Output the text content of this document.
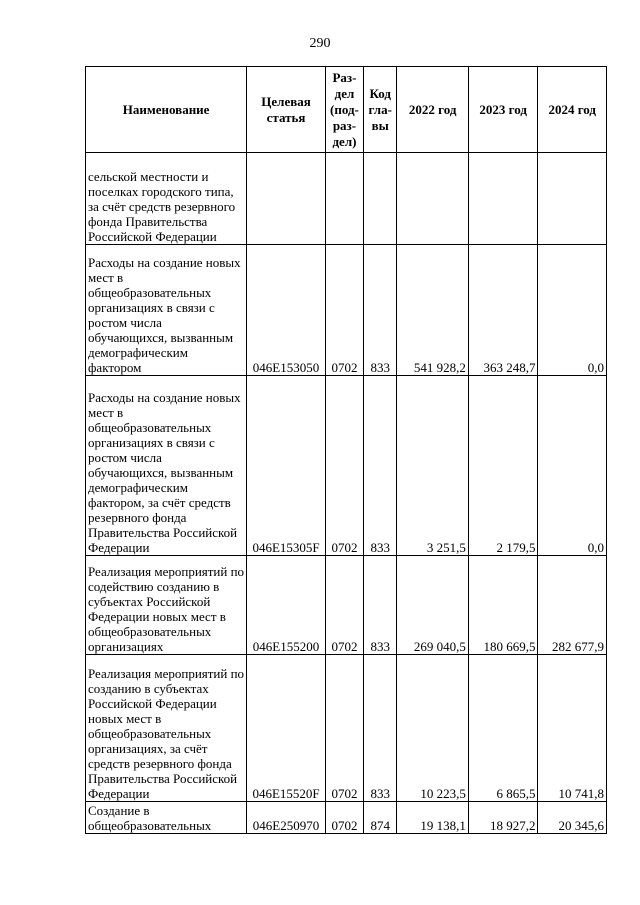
290
Наименование	Целевая статья	Раз-дел (под-раз-дел)	Код гла-вы	2022 год	2023 год	2024 год
сельской местности и поселках городского типа, за счёт средств резервного фонда Правительства Российской Федерации						
Расходы на создание новых мест в общеобразовательных организациях в связи с ростом числа обучающихся, вызванным демографическим фактором	046E153050	0702	833	541 928,2	363 248,7	0,0
Расходы на создание новых мест в общеобразовательных организациях в связи с ростом числа обучающихся, вызванным демографическим фактором, за счёт средств резервного фонда Правительства Российской Федерации	046E15305F	0702	833	3 251,5	2 179,5	0,0
Реализация мероприятий по содействию созданию в субъектах Российской Федерации новых мест в общеобразовательных организациях	046E155200	0702	833	269 040,5	180 669,5	282 677,9
Реализация мероприятий по созданию в субъектах Российской Федерации новых мест в общеобразовательных организациях, за счёт средств резервного фонда Правительства Российской Федерации	046E15520F	0702	833	10 223,5	6 865,5	10 741,8
Создание в общеобразовательных	046E250970	0702	874	19 138,1	18 927,2	20 345,6
